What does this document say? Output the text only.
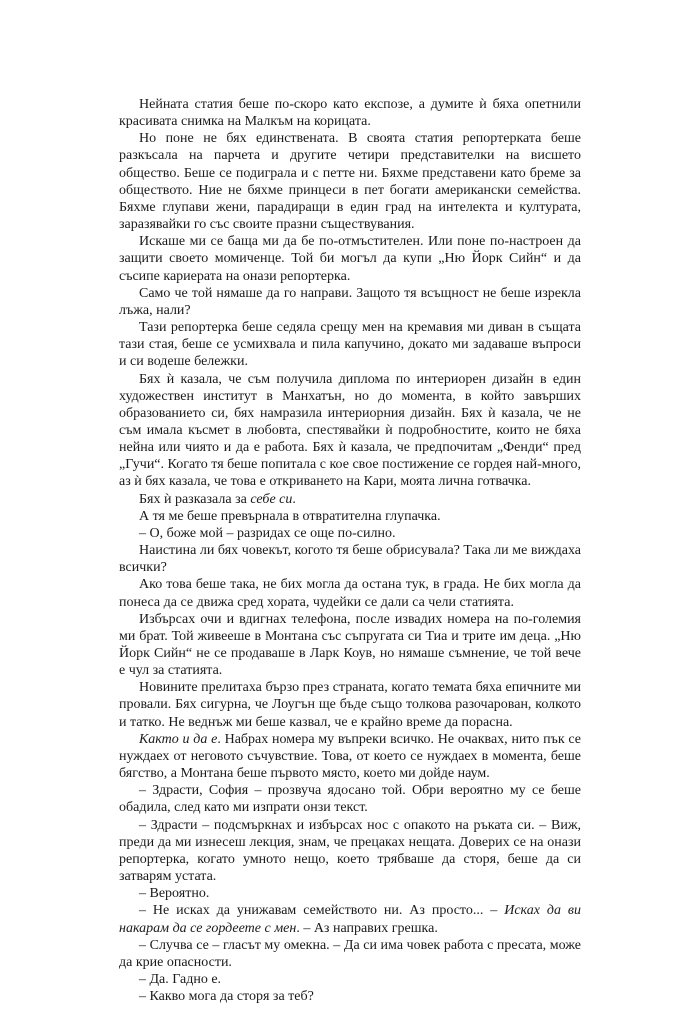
Нейната статия беше по-скоро като експозе, а думите ѝ бяха опетнили красивата снимка на Малкъм на корицата.

Но поне не бях единствената. В своята статия репортерката беше разкъсала на парчета и другите четири представителки на висшето общество. Беше се подиграла и с петте ни. Бяхме представени като бреме за обществото. Ние не бяхме принцеси в пет богати американски семейства. Бяхме глупави жени, парадиращи в един град на интелекта и културата, заразявайки го със своите празни съществувания.

Искаше ми се баща ми да бе по-отмъстителен. Или поне по-настроен да защити своето момиченце. Той би могъл да купи „Ню Йорк Сийн“ и да съсипе кариерата на онази репортерка.

Само че той нямаше да го направи. Защото тя всъщност не беше изрекла лъжа, нали?

Тази репортерка беше седяла срещу мен на кремавия ми диван в същата тази стая, беше се усмихвала и пила капучино, докато ми задаваше въпроси и си водеше бележки.

Бях ѝ казала, че съм получила диплома по интериорен дизайн в един художествен институт в Манхатън, но до момента, в който завърших образованието си, бях намразила интериорния дизайн. Бях ѝ казала, че не съм имала късмет в любовта, спестявайки ѝ подробностите, които не бяха нейна или чиято и да е работа. Бях ѝ казала, че предпочитам „Фенди“ пред „Гучи“. Когато тя беше попитала с кое свое постижение се гордея най-много, аз ѝ бях казала, че това е откриването на Кари, моята лична готвачка.

Бях ѝ разказала за себе си.

А тя ме беше превърнала в отвратителна глупачка.

– О, боже мой – разридах се още по-силно.

Наистина ли бях човекът, когото тя беше обрисувала? Така ли ме виждаха всички?

Ако това беше така, не бих могла да остана тук, в града. Не бих могла да понеса да се движа сред хората, чудейки се дали са чели статията.

Избърсах очи и вдигнах телефона, после извадих номера на по-големия ми брат. Той живееше в Монтана със съпругата си Тиа и трите им деца. „Ню Йорк Сийн“ не се продаваше в Ларк Коув, но нямаше съмнение, че той вече е чул за статията.

Новините прелитаха бързо през страната, когато темата бяха епичните ми провали. Бях сигурна, че Лоугън ще бъде също толкова разочарован, колкото и татко. Не веднъж ми беше казвал, че е крайно време да порасна.

Както и да е. Набрах номера му въпреки всичко. Не очаквах, нито пък се нуждаех от неговото съчувствие. Това, от което се нуждаех в момента, беше бягство, а Монтана беше първото място, което ми дойде наум.

– Здрасти, София – прозвуча ядосано той. Обри вероятно му се беше обадила, след като ми изпрати онзи текст.

– Здрасти – подсмъркнах и избърсах нос с опакото на ръката си. – Виж, преди да ми изнесеш лекция, знам, че прецаках нещата. Доверих се на онази репортерка, когато умното нещо, което трябваше да сторя, беше да си затварям устата.

– Вероятно.

– Не исках да унижавам семейството ни. Аз просто... – Исках да ви накарам да се гордеете с мен. – Аз направих грешка.

– Случва се – гласът му омекна. – Да си има човек работа с пресата, може да крие опасности.

– Да. Гадно е.

– Какво мога да сторя за теб?
